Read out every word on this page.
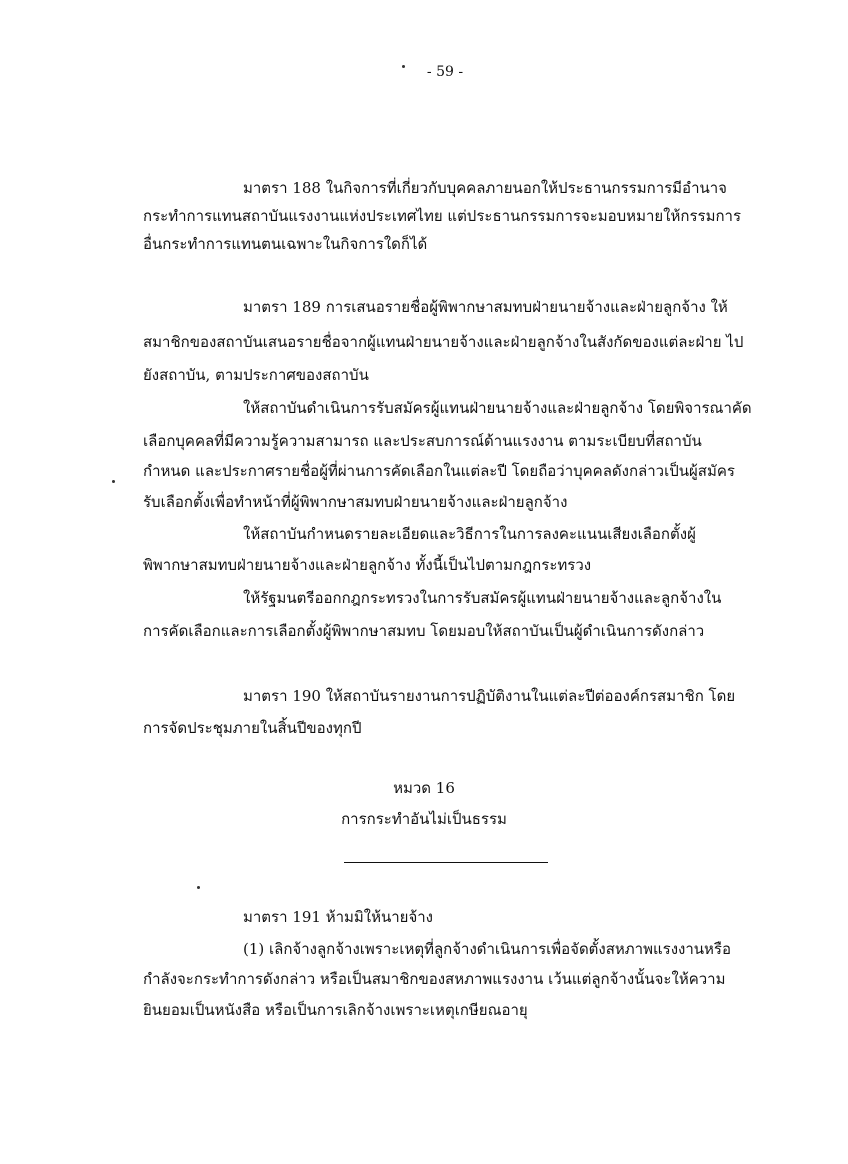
- 59 -
มาตรา 188 ในกิจการที่เกี่ยวกับบุคคลภายนอกให้ประธานกรรมการมีอำนาจ
กระทำการแทนสถาบันแรงงานแห่งประเทศไทย แต่ประธานกรรมการจะมอบหมายให้กรรมการ
อื่นกระทำการแทนตนเฉพาะในกิจการใดก็ได้
มาตรา 189 การเสนอรายชื่อผู้พิพากษาสมทบฝ่ายนายจ้างและฝ่ายลูกจ้าง ให้
สมาชิกของสถาบันเสนอรายชื่อจากผู้แทนฝ่ายนายจ้างและฝ่ายลูกจ้างในสังกัดของแต่ละฝ่าย ไป
ยังสถาบัน, ตามประกาศของสถาบัน
ให้สถาบันดำเนินการรับสมัครผู้แทนฝ่ายนายจ้างและฝ่ายลูกจ้าง โดยพิจารณาคัด
เลือกบุคคลที่มีความรู้ความสามารถ และประสบการณ์ด้านแรงงาน ตามระเบียบที่สถาบัน
กำหนด และประกาศรายชื่อผู้ที่ผ่านการคัดเลือกในแต่ละปี โดยถือว่าบุคคลดังกล่าวเป็นผู้สมัคร
รับเลือกตั้งเพื่อทำหน้าที่ผู้พิพากษาสมทบฝ่ายนายจ้างและฝ่ายลูกจ้าง
ให้สถาบันกำหนดรายละเอียดและวิธีการในการลงคะแนนเสียงเลือกตั้งผู้
พิพากษาสมทบฝ่ายนายจ้างและฝ่ายลูกจ้าง ทั้งนี้เป็นไปตามกฎกระทรวง
ให้รัฐมนตรีออกกฎกระทรวงในการรับสมัครผู้แทนฝ่ายนายจ้างและลูกจ้างใน
การคัดเลือกและการเลือกตั้งผู้พิพากษาสมทบ โดยมอบให้สถาบันเป็นผู้ดำเนินการดังกล่าว
มาตรา 190 ให้สถาบันรายงานการปฏิบัติงานในแต่ละปีต่อองค์กรสมาชิก โดย
การจัดประชุมภายในสิ้นปีของทุกปี
หมวด 16
การกระทำอันไม่เป็นธรรม
มาตรา 191 ห้ามมิให้นายจ้าง
(1) เลิกจ้างลูกจ้างเพราะเหตุที่ลูกจ้างดำเนินการเพื่อจัดตั้งสหภาพแรงงานหรือ
กำลังจะกระทำการดังกล่าว หรือเป็นสมาชิกของสหภาพแรงงาน เว้นแต่ลูกจ้างนั้นจะให้ความ
ยินยอมเป็นหนังสือ หรือเป็นการเลิกจ้างเพราะเหตุเกษียณอายุ
